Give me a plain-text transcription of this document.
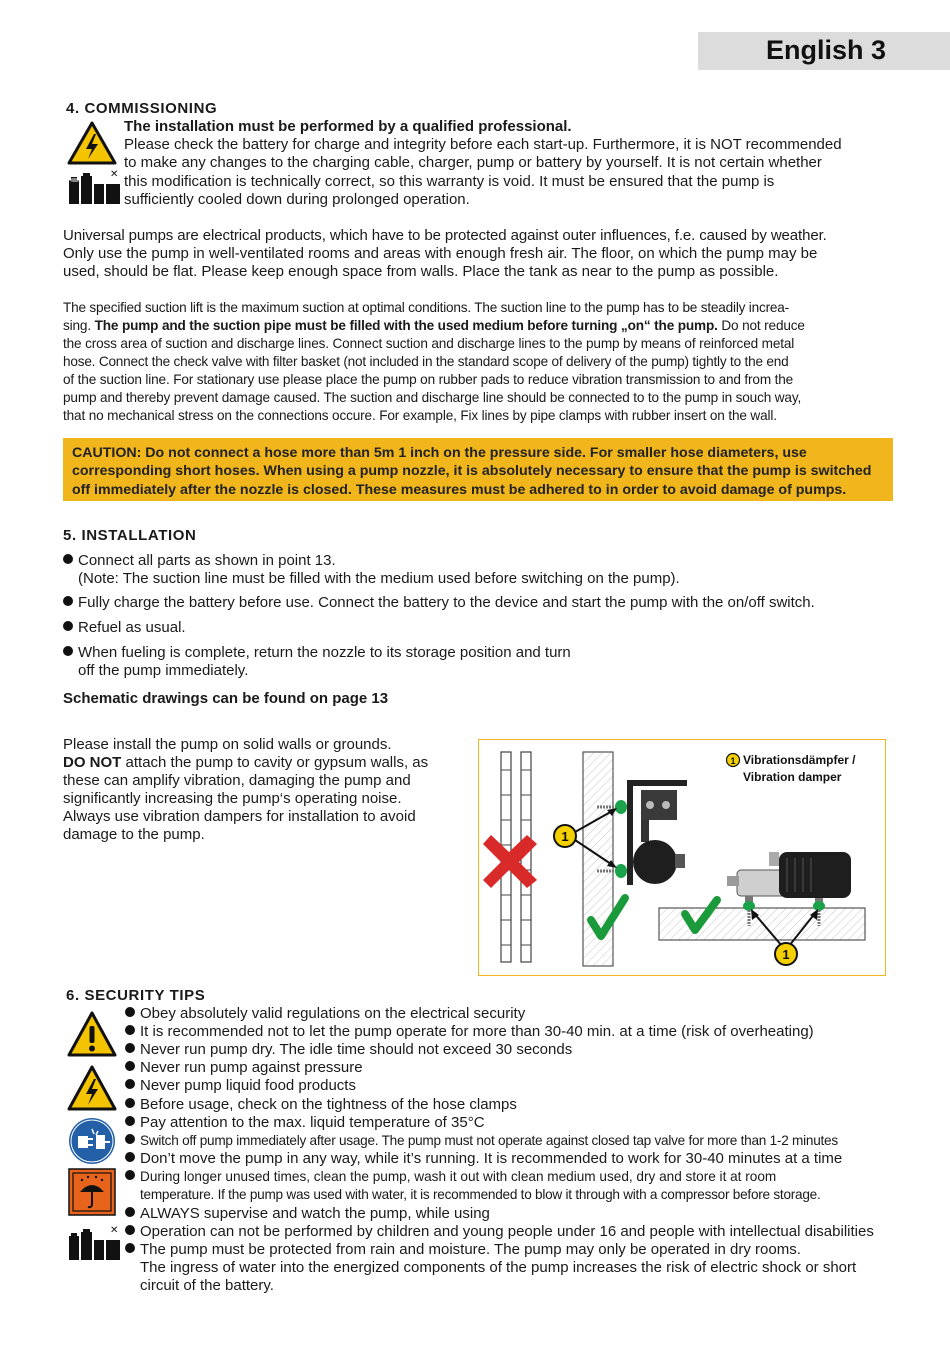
English 3
4. COMMISSIONING
✕
The installation must be performed by a qualified professional.
Please check the battery for charge and integrity before each start-up. Furthermore, it is NOT recommended
to make any changes to the charging cable, charger, pump or battery by yourself. It is not certain whether
this modification is technically correct, so this warranty is void. It must be ensured that the pump is
sufficiently cooled down during prolonged operation.
Universal pumps are electrical products, which have to be protected against outer influences, f.e. caused by weather.
Only use the pump in well-ventilated rooms and areas with enough fresh air. The floor, on which the pump may be
used, should be flat. Please keep enough space from walls. Place the tank as near to the pump as possible.
The specified suction lift is the maximum suction at optimal conditions. The suction line to the pump has to be steadily increa-
sing. The pump and the suction pipe must be filled with the used medium before turning „on“ the pump. Do not reduce
the cross area of suction and discharge lines. Connect suction and discharge lines to the pump by means of reinforced metal
hose. Connect the check valve with filter basket (not included in the standard scope of delivery of the pump) tightly to the end
of the suction line. For stationary use please place the pump on rubber pads to reduce vibration transmission to and from the
pump and thereby prevent damage caused. The suction and discharge line should be connected to to the pump in souch way,
that no mechanical stress on the connections occure. For example, Fix lines by pipe clamps with rubber insert on the wall.
CAUTION: Do not connect a hose more than 5m 1 inch on the pressure side. For smaller hose diameters, use
corresponding short hoses. When using a pump nozzle, it is absolutely necessary to ensure that the pump is switched
off immediately after the nozzle is closed. These measures must be adhered to in order to avoid damage of pumps.
5. INSTALLATION
Connect all parts as shown in point 13.
(Note: The suction line must be filled with the medium used before switching on the pump).
Fully charge the battery before use. Connect the battery to the device and start the pump with the on/off switch.
Refuel as usual.
When fueling is complete, return the nozzle to its storage position and turn
off the pump immediately.
Schematic drawings can be found on page 13
Please install the pump on solid walls or grounds.
DO NOT attach the pump to cavity or gypsum walls, as
these can amplify vibration, damaging the pump and
significantly increasing the pump‘s operating noise.
Always use vibration dampers for installation to avoid
damage to the pump.	1
1
1 Vibrationsdämpfer /
Vibration damper
6. SECURITY TIPS
✕
Obey absolutely valid regulations on the electrical security
It is recommended not to let the pump operate for more than 30-40 min. at a time (risk of overheating)
Never run pump dry. The idle time should not exceed 30 seconds
Never run pump against pressure
Never pump liquid food products
Before usage, check on the tightness of the hose clamps
Pay attention to the max. liquid temperature of 35°C
Switch off pump immediately after usage. The pump must not operate against closed tap valve for more than 1-2 minutes
Don’t move the pump in any way, while it’s running. It is recommended to work for 30-40 minutes at a time
During longer unused times, clean the pump, wash it out with clean medium used, dry and store it at room
temperature. If the pump was used with water, it is recommended to blow it through with a compressor before storage.
ALWAYS supervise and watch the pump, while using
Operation can not be performed by children and young people under 16 and people with intellectual disabilities
The pump must be protected from rain and moisture. The pump may only be operated in dry rooms.
The ingress of water into the energized components of the pump increases the risk of electric shock or short
circuit of the battery.
